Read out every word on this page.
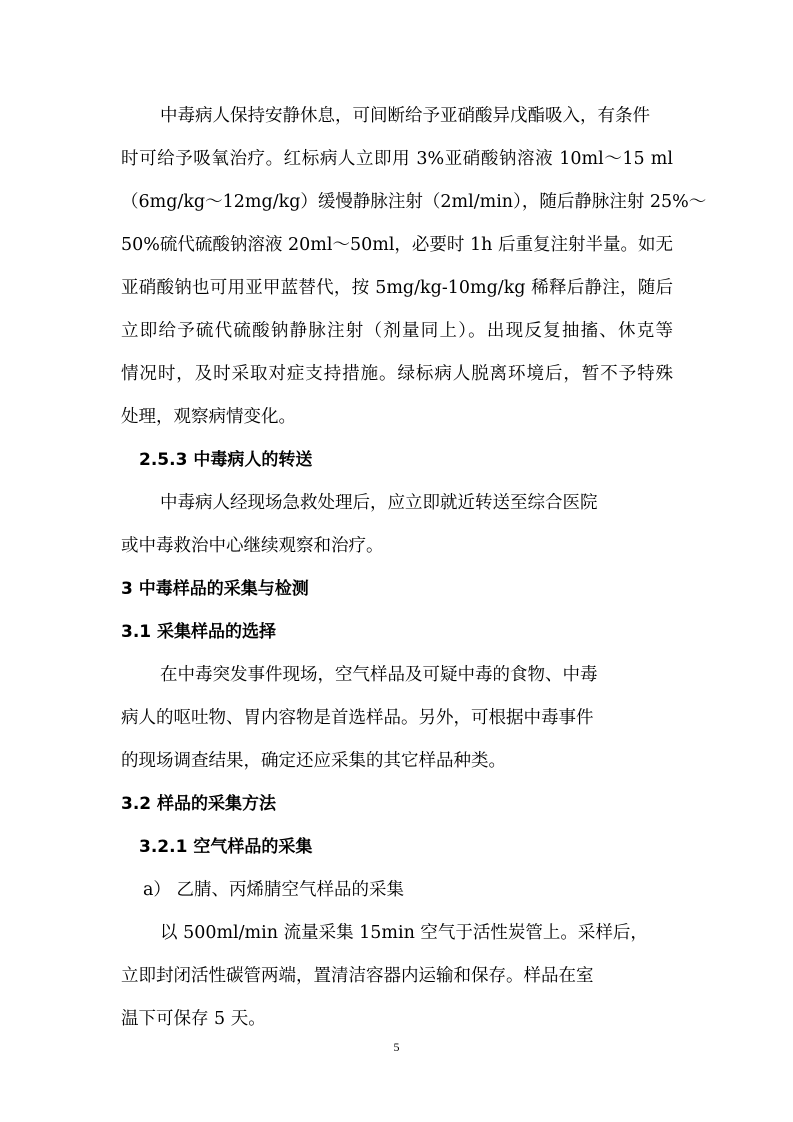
中毒病人保持安静休息，可间断给予亚硝酸异戊酯吸入，有条件
时可给予吸氧治疗。红标病人立即用 3%亚硝酸钠溶液 10ml～15 ml
（6mg/kg～12mg/kg）缓慢静脉注射（2ml/min），随后静脉注射 25%～
50%硫代硫酸钠溶液 20ml～50ml，必要时 1h 后重复注射半量。如无
亚硝酸钠也可用亚甲蓝替代，按 5mg/kg-10mg/kg 稀释后静注，随后
立即给予硫代硫酸钠静脉注射（剂量同上）。出现反复抽搐、休克等
情况时，及时采取对症支持措施。绿标病人脱离环境后，暂不予特殊
处理，观察病情变化。
2.5.3 中毒病人的转送
中毒病人经现场急救处理后，应立即就近转送至综合医院
或中毒救治中心继续观察和治疗。
3 中毒样品的采集与检测
3.1 采集样品的选择
在中毒突发事件现场，空气样品及可疑中毒的食物、中毒
病人的呕吐物、胃内容物是首选样品。另外，可根据中毒事件
的现场调查结果，确定还应采集的其它样品种类。
3.2 样品的采集方法
3.2.1 空气样品的采集
a） 乙腈、丙烯腈空气样品的采集
以 500ml/min 流量采集 15min 空气于活性炭管上。采样后，
立即封闭活性碳管两端，置清洁容器内运输和保存。样品在室
温下可保存 5 天。
5
